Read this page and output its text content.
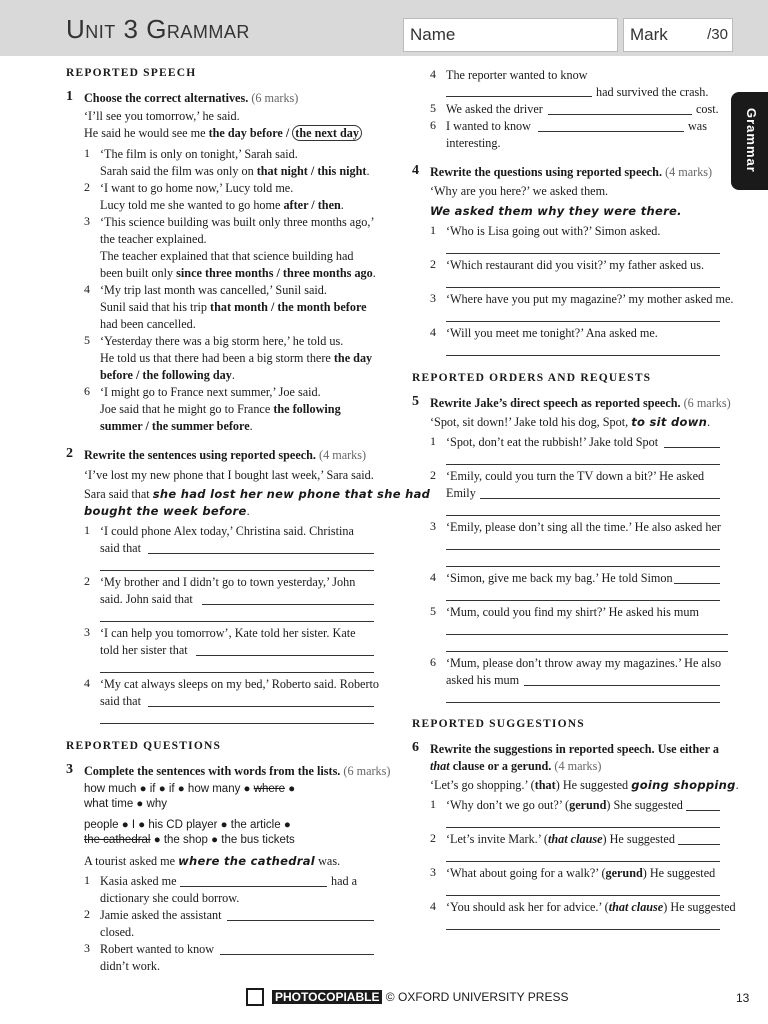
Unit 3 Grammar	Name	Mark	/30
Grammar
REPORTED SPEECH
1 Choose the correct alternatives. (6 marks)
‘I’ll see you tomorrow,’ he said.
He said he would see me the day before / the next day
1 ‘The film is only on tonight,’ Sarah said.
Sarah said the film was only on that night / this night.
2 ‘I want to go home now,’ Lucy told me.
Lucy told me she wanted to go home after / then.
3 ‘This science building was built only three months ago,’
the teacher explained.
The teacher explained that that science building had
been built only since three months / three months ago.
4 ‘My trip last month was cancelled,’ Sunil said.
Sunil said that his trip that month / the month before
had been cancelled.
5 ‘Yesterday there was a big storm here,’ he told us.
He told us that there had been a big storm there the day
before / the following day.
6 ‘I might go to France next summer,’ Joe said.
Joe said that he might go to France the following
summer / the summer before.
2 Rewrite the sentences using reported speech. (4 marks)
‘I’ve lost my new phone that I bought last week,’ Sara said.
Sara said that she had lost her new phone that she had
bought the week before.
1 ‘I could phone Alex today,’ Christina said. Christina
said that
2 ‘My brother and I didn’t go to town yesterday,’ John
said. John said that
3 ‘I can help you tomorrow’, Kate told her sister. Kate
told her sister that
4 ‘My cat always sleeps on my bed,’ Roberto said. Roberto
said that
REPORTED QUESTIONS
3 Complete the sentences with words from the lists. (6 marks)
how much ● if ● if ● how many ● where ●
what time ● why
people ● I ● his CD player ● the article ●
the cathedral ● the shop ● the bus tickets
A tourist asked me where the cathedral was.
1 Kasia asked me	had a
dictionary she could borrow.
2 Jamie asked the assistant
closed.
3 Robert wanted to know
didn’t work.
4 The reporter wanted to know
had survived the crash.
5 We asked the driver	cost.
6 I wanted to know	was
interesting.
4 Rewrite the questions using reported speech. (4 marks)
‘Why are you here?’ we asked them.
We asked them why they were there.
1 ‘Who is Lisa going out with?’ Simon asked.
2 ‘Which restaurant did you visit?’ my father asked us.
3 ‘Where have you put my magazine?’ my mother asked me.
4 ‘Will you meet me tonight?’ Ana asked me.
REPORTED ORDERS AND REQUESTS
5 Rewrite Jake’s direct speech as reported speech. (6 marks)
‘Spot, sit down!’ Jake told his dog, Spot, to sit down.
1 ‘Spot, don’t eat the rubbish!’ Jake told Spot
2 ‘Emily, could you turn the TV down a bit?’ He asked
Emily
3 ‘Emily, please don’t sing all the time.’ He also asked her
4 ‘Simon, give me back my bag.’ He told Simon
5 ‘Mum, could you find my shirt?’ He asked his mum
6 ‘Mum, please don’t throw away my magazines.’ He also
asked his mum
REPORTED SUGGESTIONS
6 Rewrite the suggestions in reported speech. Use either a
that clause or a gerund. (4 marks)
‘Let’s go shopping.’ (that) He suggested going shopping.
1 ‘Why don’t we go out?’ (gerund) She suggested
2 ‘Let’s invite Mark.’ (that clause) He suggested
3 ‘What about going for a walk?’ (gerund) He suggested
4 ‘You should ask her for advice.’ (that clause) He suggested
PHOTOCOPIABLE © OXFORD UNIVERSITY PRESS	13
